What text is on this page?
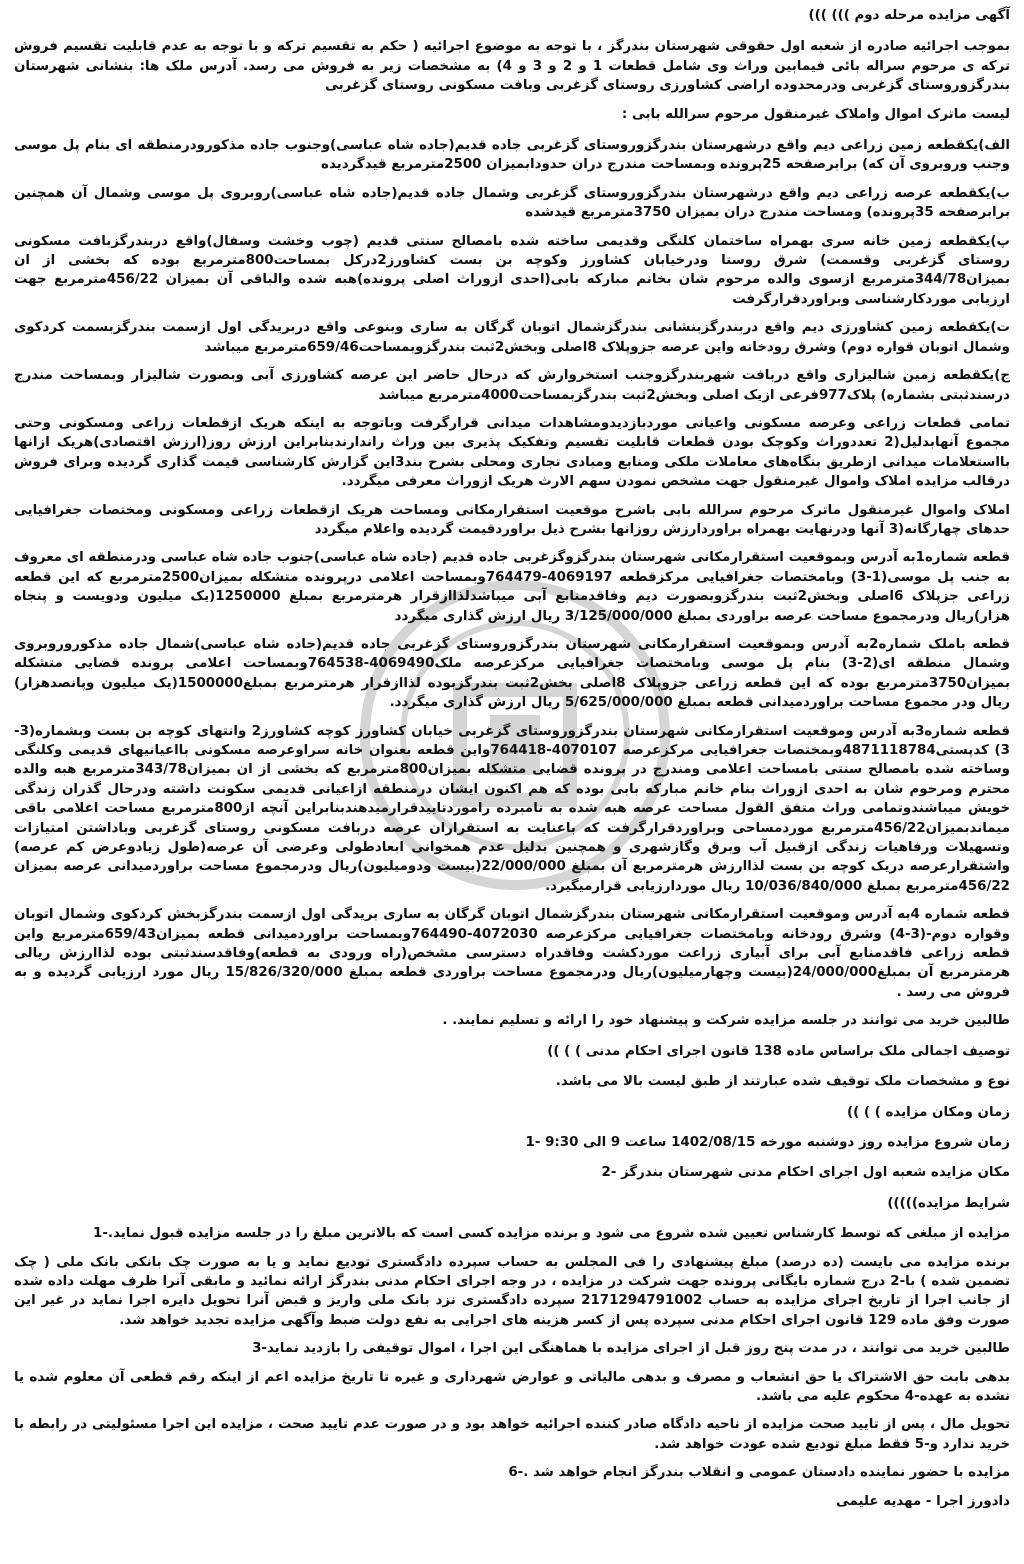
آگهی مزایده مرحله دوم ))) )))

بموجب اجرائیه صادره از شعبه اول حقوقی شهرستان بندرگز ، با توجه به موضوع اجرائیه ( حکم به تقسیم ترکه و با توجه به عدم قابلیت تقسیم فروش ترکه ی مرحوم سراله بائی فیمابین وراث وی شامل قطعات 1 و 2 و 3 و 4) به مشخصات زیر به فروش می رسد. آدرس ملک ها: بنشانی شهرستان بندرگزوروستای گزغربی ودرمحدوده اراضی کشاورزی روستای گزغربی وبافت مسکونی روستای گزغربی

لیست ماترک اموال واملاک غیرمنقول مرحوم سرالله بابی :

الف)یکقطعه زمین زراعی دیم واقع درشهرستان بندرگزوروستای گزغربی جاده قدیم(جاده شاه عباسی)وجنوب جاده مذکورودرمنطقه ای بنام پل موسی وجنب وروبروی آن که) برابرصفحه 25پرونده وبمساحت مندرج دران حدودابمیزان 2500مترمربع قیدگردیده

ب)یکقطعه عرصه زراعی دیم واقع درشهرستان بندرگزوروستای گزغربی وشمال جاده قدیم(جاده شاه عباسی)روبروی پل موسی وشمال آن همچنین برابرصفحه 35پرونده) ومساحت مندرج دران بمیزان 3750مترمربع قیدشده

پ)یکقطعه زمین خانه سری بهمراه ساختمان کلنگی وقدیمی ساخته شده بامصالح سنتی قدیم (چوب وخشت وسفال)واقع دربندرگزبافت مسکونی روستای گزغربی وقسمت) شرق روستا ودرخیابان کشاورز وکوچه بن بست کشاورز2درکل بمساحت800مترمربع بوده که بخشی از ان بمیزان344/78مترمربع ازسوی والده مرحوم شان بخانم مبارکه بابی(احدی ازوراث اصلی پرونده)هبه شده والباقی آن بمیزان 456/22مترمربع جهت ارزیابی موردکارشناسی وبراوردقرارگرفت

ت)یکقطعه زمین کشاورزی دیم واقع دربندرگزبنشانی بندرگزشمال اتوبان گرگان به ساری وبنوعی واقع دربریدگی اول ازسمت بندرگزبسمت کردکوی وشمال اتوبان قواره دوم) وشرق رودخانه واین عرصه جزوپلاک 8اصلی وبخش2ثبت بندرگزوبمساحت659/46مترمربع میباشد

ج)یکقطعه زمین شالیزاری واقع دربافت شهربندرگزوجنب استخروارش که درحال حاضر این عرصه کشاورزی آبی وبصورت شالیزار وبمساحت مندرج درسندثبتی بشماره) پلاک977فرعی ازیک اصلی وبخش2ثبت بندرگزبمساحت4000مترمربع میباشد

تمامی قطعات زراعی وعرصه مسکونی واعیانی موردبازدیدومشاهدات میدانی قرارگرفت وباتوجه به اینکه هریک ازقطعات زراعی ومسکونی وحتی مجموع آنهابدلیل(2 تعددوراث وکوچک بودن قطعات قابلیت تقسیم وتفکیک پذیری بین وراث راندارندبنابراین ارزش روز(ارزش اقتصادی)هریک ازانها بااستعلامات میدانی ازطریق بنگاه‌های معاملات ملکی ومنابع ومبادی تجاری ومحلی بشرح بند3این گزارش کارشناسی قیمت گذاری گردیده وبرای فروش درقالب مزایده املاک واموال غیرمنقول جهت مشخص نمودن سهم الارث هریک ازوراث معرفی میگردد.

املاک واموال غیرمنقول ماترک مرحوم سرالله بابی باشرح موقعیت استقرارمکانی ومساحت هریک ازقطعات زراعی ومسکونی ومختصات جغرافیایی حدهای چهارگانه(3 آنها ودرنهایت بهمراه براوردارزش روزانها بشرح ذیل براوردقیمت گردیده واعلام میگردد

قطعه شماره1به آدرس وبموقعیت استقرارمکانی شهرستان بندرگزوگزغربی جاده قدیم (جاده شاه عباسی)جنوب جاده شاه عباسی ودرمنطقه ای معروف به جنب پل موسی(1-3) وبامختصات جغرافیایی مرکزقطعه 4069197-764479وبمساحت اعلامی درپرونده متشکله بمیزان2500مترمربع که این قطعه زراعی جزپلاک 6اصلی وبخش2ثبت بندرگزوبصورت دیم وفاقدمنابع آبی میباشدلذاازقرار هرمترمربع بمبلغ 1250000(یک میلیون ودویست و پنجاه هزار)ریال ودرمجموع مساحت عرصه براوردی بمبلغ 3/125/000/000 ریال ارزش گذاری میگردد

قطعه باملک شماره2به آدرس وبموقعیت استقرارمکانی شهرستان بندرگزوروستای گزغربی جاده قدیم(جاده شاه عباسی)شمال جاده مذکوروروبروی وشمال منطقه ای(2-3) بنام پل موسی وبامختصات جغرافیایی مرکزعرصه ملک4069490-764538وبمساحت اعلامی پرونده قضایی متشکله بمیزان3750مترمربع بوده که این قطعه زراعی جزوپلاک 8اصلی بخش2ثبت بندرگزبوده لذاازقرار هرمترمربع بمبلغ1500000(یک میلیون وپانصدهزار) ریال ودر مجموع مساحت براوردمیدانی قطعه بمبلغ 5/625/000/000 ریال ارزش گذاری میگردد.

قطعه شماره3به آدرس وموقعیت استقرارمکانی شهرستان بندرگزوروستای گزغربی خیابان کشاورز کوچه کشاورز2 وانتهای کوچه بن بست وبشماره(3-3) کدپستی4871118784وبمختصات جغرافیایی مرکزعرصه 4070107-764418واین قطعه بعنوان خانه سراوعرصه مسکونی بااعیانیهای قدیمی وکلنگی وساخته شده بامصالح سنتی بامساحت اعلامی ومندرج در پرونده قضایی متشکله بمیزان800مترمربع که بخشی از ان بمیزان343/78مترمربع هبه والده محترم ومرحوم شان به احدی ازوراث بنام خانم مبارکه بابی بوده که هم اکنون ایشان درمنطقه ازاعیانی قدیمی سکونت داشته ودرحال گذران زندگی خویش میباشندوتمامی وراث متفق القول مساحت عرصه هبه شده به نامبرده راموردتاییدقرارمیدهندبنابراین آنچه از800مترمربع مساحت اعلامی باقی میماندبمیزان456/22مترمربع موردمساحی وبراوردقرارگرفت که باعنایت به استقراران عرصه دربافت مسکونی روستای گزغربی وباداشتن امتیازات وتسهیلات ورفاهیات زندگی ازقبیل آب وبرق وگازشهری و همچنین بدلیل عدم همخوانی ابعادطولی وعرضی آن عرصه(طول زیادوعرض کم عرصه) واشتقرارعرصه دریک کوچه بن بست لذاارزش هرمترمربع آن بمبلغ 22/000/000(بیست ودومیلیون)ریال ودرمجموع مساحت براوردمیدانی عرصه بمیزان 456/22مترمربع بمبلغ 10/036/840/000 ریال موردارزیابی قرارمیگیرد.

قطعه شماره 4به آدرس وموقعیت استقرارمکانی شهرستان بندرگزشمال اتوبان گرگان به ساری بریدگی اول ازسمت بندرگزبخش کردکوی وشمال اتوبان وقواره دوم-(3-4) وشرق رودخانه وبامختصات جغرافیایی مرکزعرصه 4072030-764490وبمساحت براوردمیدانی قطعه بمیزان659/43مترمربع واین قطعه زراعی فاقدمنابع آبی برای آبیاری زراعت موردکشت وفاقدراه دسترسی مشخص(راه ورودی به قطعه)وفاقدسندثبتی بوده لذاارزش ریالی هرمترمربع آن بمبلغ24/000/000(بیست وچهارمیلیون)ریال ودرمجموع مساحت براوردی قطعه بمبلغ 15/826/320/000 ریال مورد ارزیابی گردیده و به فروش می رسد .

طالبین خرید می توانند در جلسه مزایده شرکت و پیشنهاد خود را ارائه و تسلیم نمایند. .

توصیف اجمالی ملک براساس ماده 138 قانون اجرای احکام مدنی ) ) ))

نوع و مشخصات ملک توقیف شده عبارتند از طبق لیست بالا می باشد.

زمان ومکان مزایده ) ) ))

زمان شروع مزایده روز دوشنبه مورخه 1402/08/15 ساعت 9 الی 9:30 -1

مکان مزایده شعبه اول اجرای احکام مدنی شهرستان بندرگز -2

شرایط مزایده)))))

مزایده از مبلغی که توسط کارشناس تعیین شده شروع می شود و برنده مزایده کسی است که بالاترین مبلغ را در جلسه مزایده قبول نماید.-1

برنده مزایده می بایست (ده درصد) مبلغ پیشنهادی را فی المجلس به حساب سپرده دادگستری تودیع نماید و یا به صورت چک بانکی بانک ملی ( چک تضمین شده ) با-2 درج شماره بایگانی پرونده جهت شرکت در مزایده ، در وجه اجرای احکام مدنی بندرگز ارائه نمائید و مابقی آنرا ظرف مهلت داده شده از جانب اجرا از تاریخ اجرای مزایده به حساب 2171294791002 سپرده دادگستری نزد بانک ملی واریز و قبض آنرا تحویل دایره اجرا نماید در غیر این صورت وفق ماده 129 قانون اجرای احکام مدنی سپرده پس از کسر هزینه های اجرایی به نفع دولت ضبط وآگهی مزایده تجدید خواهد شد.

طالبین خرید می توانند ، در مدت پنج روز قبل از اجرای مزایده با هماهنگی این اجرا ، اموال توقیفی را بازدید نماید-3

بدهی بابت حق الاشتراک یا حق انشعاب و مصرف و بدهی مالیاتی و عوارض شهرداری و غیره تا تاریخ مزایده اعم از اینکه رقم قطعی آن معلوم شده یا نشده به عهده-4 محکوم علیه می باشد.

تحویل مال ، پس از تایید صحت مزایده از ناحیه دادگاه صادر کننده اجرائیه خواهد بود و در صورت عدم تایید صحت ، مزایده این اجرا مسئولیتی در رابطه با خرید ندارد و-5 فقط مبلغ تودیع شده عودت خواهد شد.

مزایده با حضور نماینده دادستان عمومی و انقلاب بندرگز انجام خواهد شد .-6

دادورز اجرا - مهدیه علیمی
